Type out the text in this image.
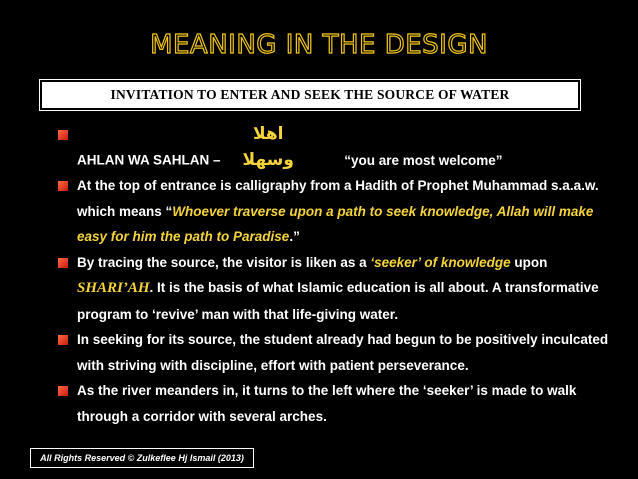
MEANING IN THE DESIGN
INVITATION TO ENTER AND SEEK THE SOURCE OF WATER
AHLAN WA SAHLAN – اهلا وسهلا	“you are most welcome”
At the top of entrance is calligraphy from a Hadith of Prophet Muhammad s.a.a.w. which means “Whoever traverse upon a path to seek knowledge, Allah will make easy for him the path to Paradise.”
By tracing the source, the visitor is liken as a ‘seeker’ of knowledge upon SHARI’AH. It is the basis of what Islamic education is all about. A transformative program to ‘revive’ man with that life-giving water.
In seeking for its source, the student already had begun to be positively inculcated with striving with discipline, effort with patient perseverance.
As the river meanders in, it turns to the left where the ‘seeker’ is made to walk through a corridor with several arches.
All Rights Reserved © Zulkeflee Hj Ismail (2013)
